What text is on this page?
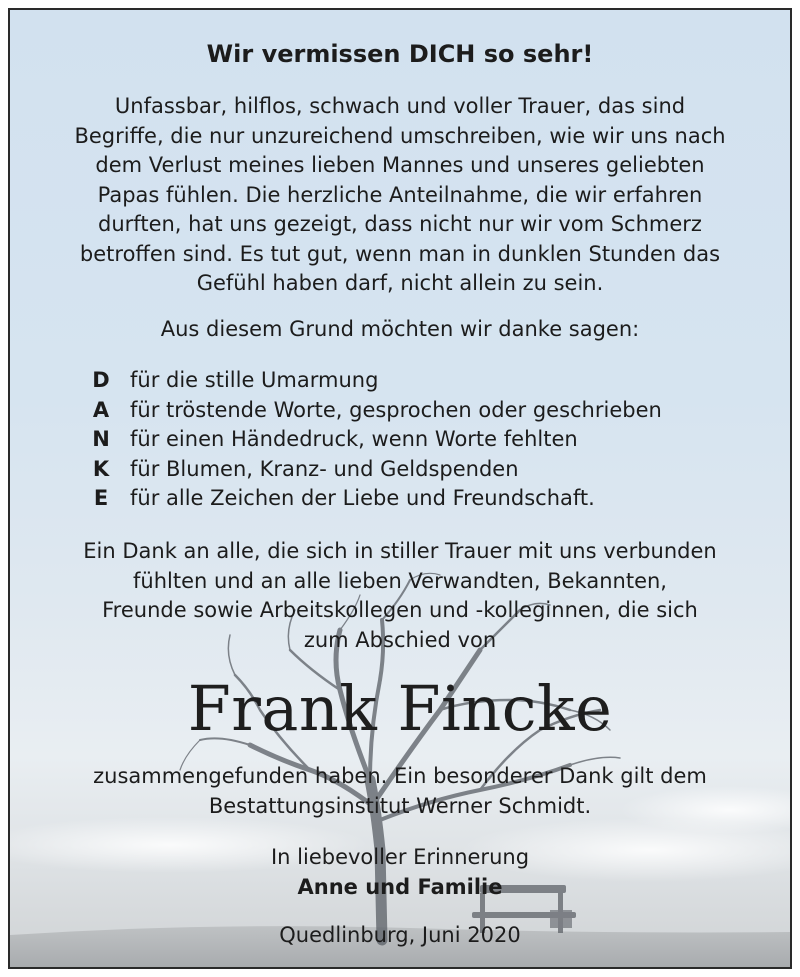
Wir vermissen DICH so sehr!
Unfassbar, hilflos, schwach und voller Trauer, das sind
Begriffe, die nur unzureichend umschreiben, wie wir uns nach
dem Verlust meines lieben Mannes und unseres geliebten
Papas fühlen. Die herzliche Anteilnahme, die wir erfahren
durften, hat uns gezeigt, dass nicht nur wir vom Schmerz
betroffen sind. Es tut gut, wenn man in dunklen Stunden das
Gefühl haben darf, nicht allein zu sein.
Aus diesem Grund möchten wir danke sagen:
D für die stille Umarmung
A für tröstende Worte, gesprochen oder geschrieben
N für einen Händedruck, wenn Worte fehlten
K für Blumen, Kranz- und Geldspenden
E	für alle Zeichen der Liebe und Freundschaft.
Ein Dank an alle, die sich in stiller Trauer mit uns verbunden
fühlten und an alle lieben Verwandten, Bekannten,
Freunde sowie Arbeitskollegen und -kolleginnen, die sich
zum Abschied von
Frank Fincke
zusammengefunden haben. Ein besonderer Dank gilt dem
Bestattungsinstitut Werner Schmidt.
In liebevoller Erinnerung
Anne und Familie
Quedlinburg, Juni 2020
